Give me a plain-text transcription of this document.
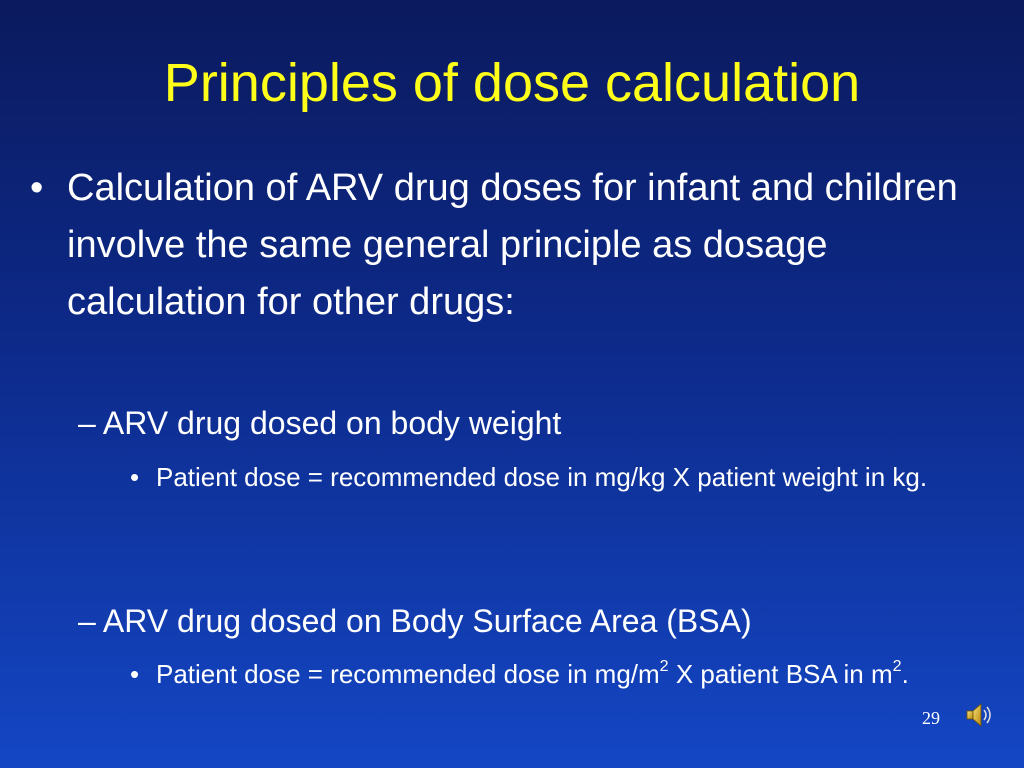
Principles of dose calculation
• Calculation of ARV drug doses for infant and children involve the same general principle as dosage calculation for other drugs:
– ARV drug dosed on body weight
• Patient dose = recommended dose in mg/kg X patient weight in kg.
– ARV drug dosed on Body Surface Area (BSA)
• Patient dose = recommended dose in $mg/m^2$ X patient BSA in $m^2$.
29
